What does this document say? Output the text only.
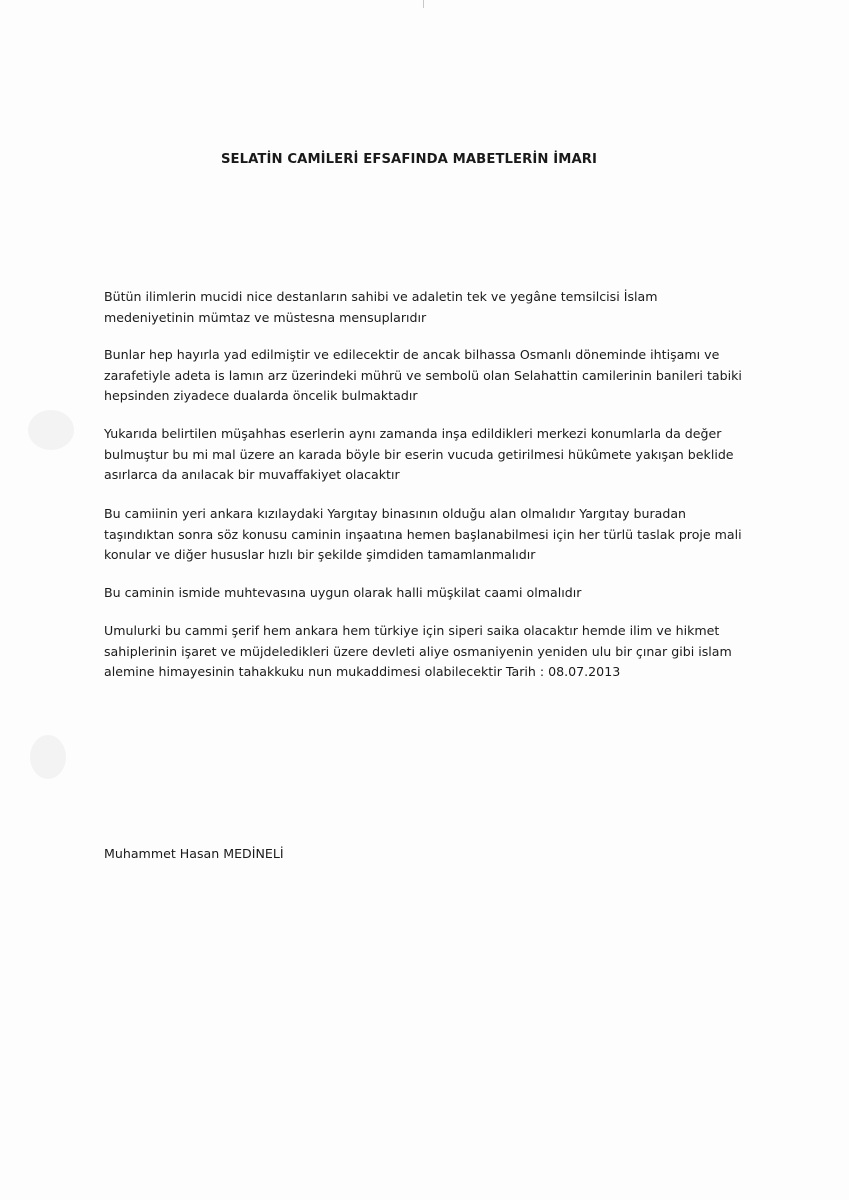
SELATİN CAMİLERİ EFSAFINDA MABETLERİN İMARI

Bütün ilimlerin mucidi nice destanların sahibi ve adaletin tek ve yegâne temsilcisi İslam
medeniyetinin mümtaz ve müstesna mensuplarıdır

Bunlar hep hayırla yad edilmiştir ve edilecektir de ancak bilhassa Osmanlı döneminde ihtişamı ve
zarafetiyle adeta is lamın arz üzerindeki mührü ve sembolü olan Selahattin camilerinin banileri tabiki
hepsinden ziyadece dualarda öncelik bulmaktadır

Yukarıda belirtilen müşahhas eserlerin aynı zamanda inşa edildikleri merkezi konumlarla da değer
bulmuştur bu mi mal üzere an karada böyle bir eserin vucuda getirilmesi hükûmete yakışan beklide
asırlarca da anılacak bir muvaffakiyet olacaktır

Bu camiinin yeri ankara kızılaydaki Yargıtay binasının olduğu alan olmalıdır Yargıtay buradan
taşındıktan sonra söz konusu caminin inşaatına hemen başlanabilmesi için her türlü taslak proje mali
konular ve diğer hususlar hızlı bir şekilde şimdiden tamamlanmalıdır

Bu caminin ismide muhtevasına uygun olarak halli müşkilat caami olmalıdır

Umulurki bu cammi şerif hem ankara hem türkiye için siperi saika olacaktır hemde ilim ve hikmet
sahiplerinin işaret ve müjdeledikleri üzere devleti aliye osmaniyenin yeniden ulu bir çınar gibi islam
alemine himayesinin tahakkuku nun mukaddimesi olabilecektir Tarih : 08.07.2013

Muhammet Hasan MEDİNELİ
